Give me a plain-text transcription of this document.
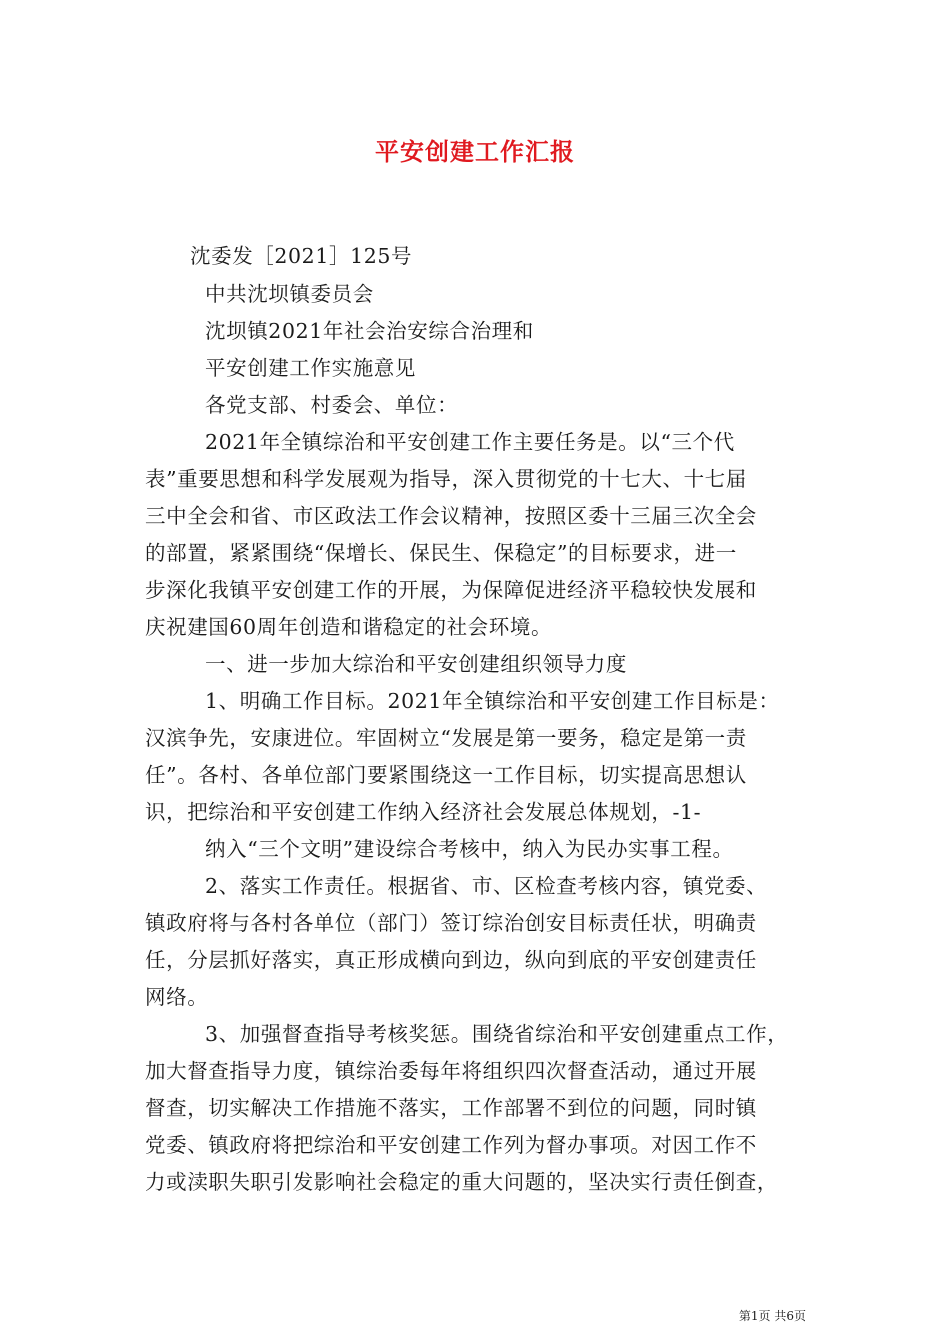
平安创建工作汇报
沈委发［2021］125号
中共沈坝镇委员会
沈坝镇2021年社会治安综合治理和
平安创建工作实施意见
各党支部、村委会、单位：
2021年全镇综治和平安创建工作主要任务是。以“三个代
表”重要思想和科学发展观为指导，深入贯彻党的十七大、十七届
三中全会和省、市区政法工作会议精神，按照区委十三届三次全会
的部置，紧紧围绕“保增长、保民生、保稳定”的目标要求，进一
步深化我镇平安创建工作的开展，为保障促进经济平稳较快发展和
庆祝建国60周年创造和谐稳定的社会环境。
一、进一步加大综治和平安创建组织领导力度
1、明确工作目标。2021年全镇综治和平安创建工作目标是：
汉滨争先，安康进位。牢固树立“发展是第一要务，稳定是第一责
任”。各村、各单位部门要紧围绕这一工作目标，切实提高思想认
识，把综治和平安创建工作纳入经济社会发展总体规划，-1-
纳入“三个文明”建设综合考核中，纳入为民办实事工程。
2、落实工作责任。根据省、市、区检查考核内容，镇党委、
镇政府将与各村各单位（部门）签订综治创安目标责任状，明确责
任，分层抓好落实，真正形成横向到边，纵向到底的平安创建责任
网络。
3、加强督查指导考核奖惩。围绕省综治和平安创建重点工作，
加大督查指导力度，镇综治委每年将组织四次督查活动，通过开展
督查，切实解决工作措施不落实，工作部署不到位的问题，同时镇
党委、镇政府将把综治和平安创建工作列为督办事项。对因工作不
力或渎职失职引发影响社会稳定的重大问题的，坚决实行责任倒查，
第1页 共6页
